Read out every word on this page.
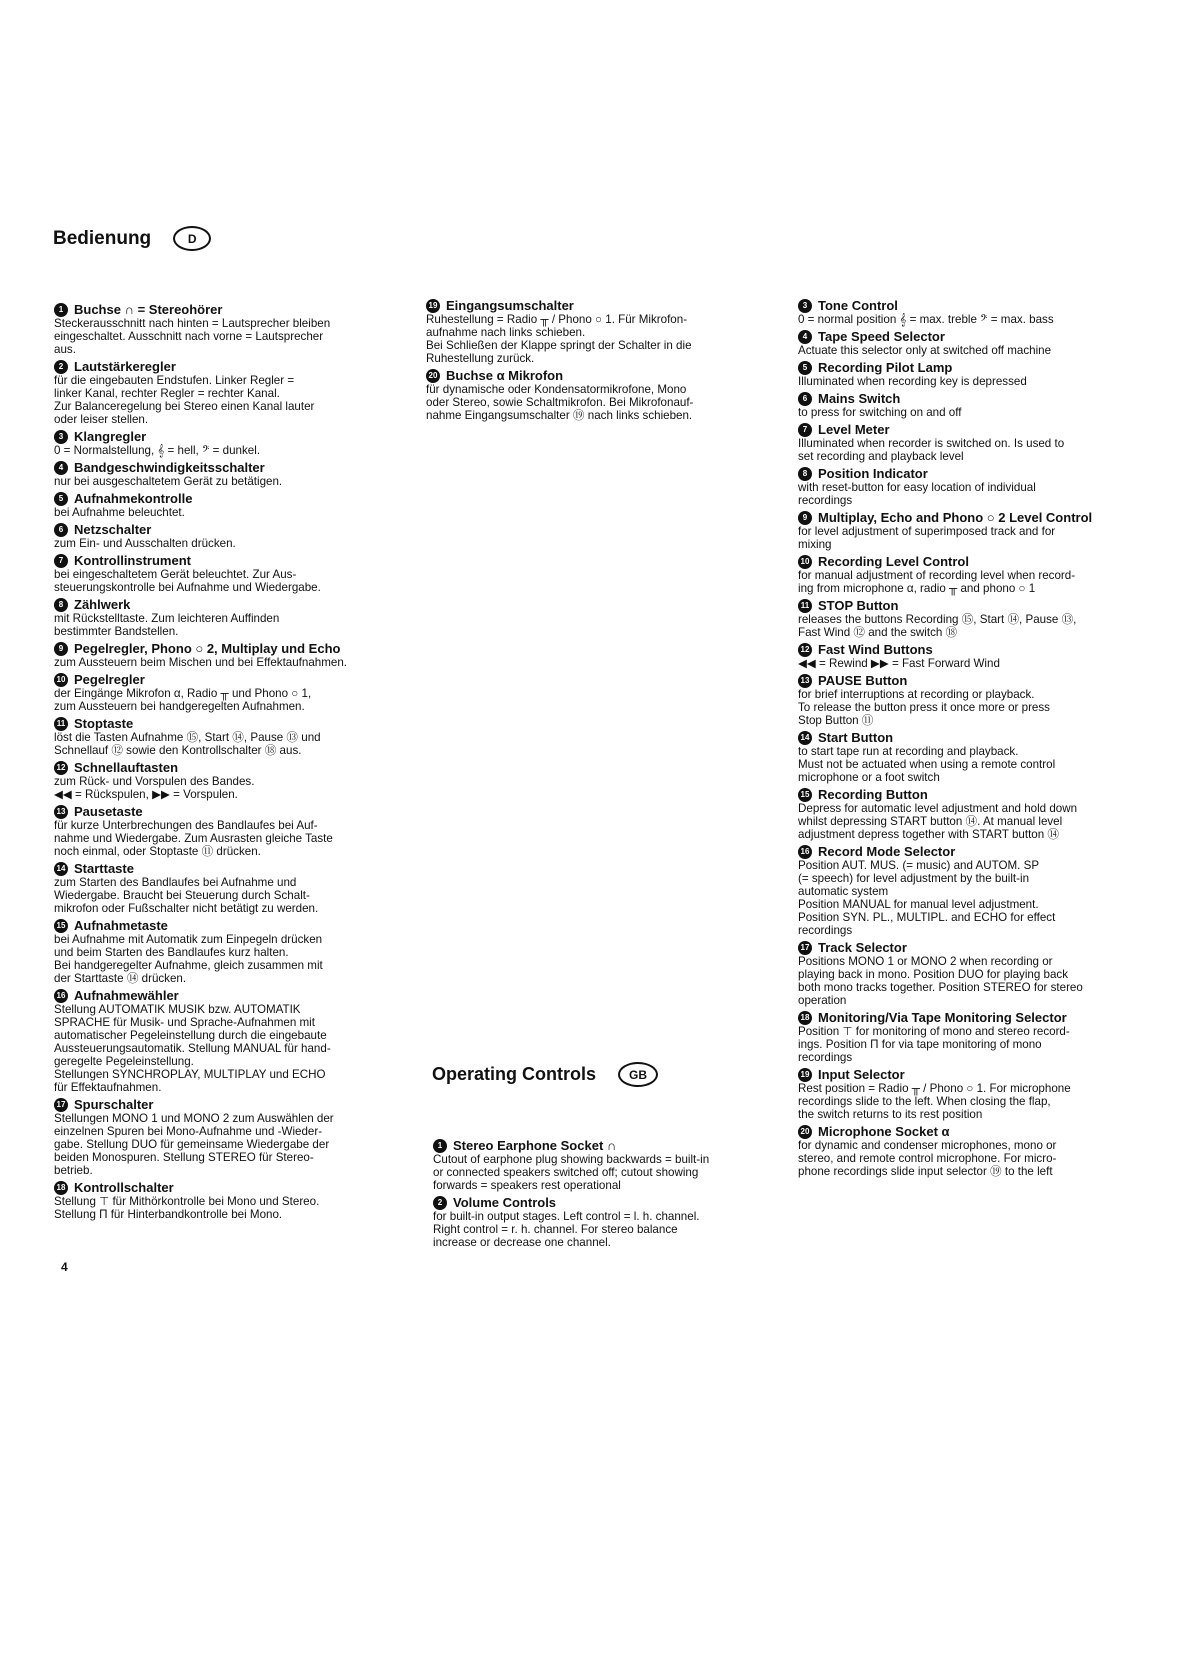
Bedienung	D
1 Buchse ∩ = Stereohörer
Steckerausschnitt nach hinten = Lautsprecher bleiben
eingeschaltet. Ausschnitt nach vorne = Lautsprecher
aus.
2 Lautstärkeregler
für die eingebauten Endstufen. Linker Regler =
linker Kanal, rechter Regler = rechter Kanal.
Zur Balanceregelung bei Stereo einen Kanal lauter
oder leiser stellen.
3 Klangregler
0 = Normalstellung, 𝄞 = hell, 𝄢 = dunkel.
4 Bandgeschwindigkeitsschalter
nur bei ausgeschaltetem Gerät zu betätigen.
5 Aufnahmekontrolle
bei Aufnahme beleuchtet.
6 Netzschalter
zum Ein- und Ausschalten drücken.
7 Kontrollinstrument
bei eingeschaltetem Gerät beleuchtet. Zur Aus-
steuerungskontrolle bei Aufnahme und Wiedergabe.
8 Zählwerk
mit Rückstelltaste. Zum leichteren Auffinden
bestimmter Bandstellen.
9 Pegelregler, Phono ○ 2, Multiplay und Echo
zum Aussteuern beim Mischen und bei Effektaufnahmen.
10 Pegelregler
der Eingänge Mikrofon α, Radio ╥ und Phono ○ 1,
zum Aussteuern bei handgeregelten Aufnahmen.
11 Stoptaste
löst die Tasten Aufnahme ⑮, Start ⑭, Pause ⑬ und
Schnellauf ⑫ sowie den Kontrollschalter ⑱ aus.
12 Schnellauftasten
zum Rück- und Vorspulen des Bandes.
◀◀ = Rückspulen, ▶▶ = Vorspulen.
13 Pausetaste
für kurze Unterbrechungen des Bandlaufes bei Auf-
nahme und Wiedergabe. Zum Ausrasten gleiche Taste
noch einmal, oder Stoptaste ⑪ drücken.
14 Starttaste
zum Starten des Bandlaufes bei Aufnahme und
Wiedergabe. Braucht bei Steuerung durch Schalt-
mikrofon oder Fußschalter nicht betätigt zu werden.
15 Aufnahmetaste
bei Aufnahme mit Automatik zum Einpegeln drücken
und beim Starten des Bandlaufes kurz halten.
Bei handgeregelter Aufnahme, gleich zusammen mit
der Starttaste ⑭ drücken.
16 Aufnahmewähler
Stellung AUTOMATIK MUSIK bzw. AUTOMATIK
SPRACHE für Musik- und Sprache-Aufnahmen mit
automatischer Pegeleinstellung durch die eingebaute
Aussteuerungsautomatik. Stellung MANUAL für hand-
geregelte Pegeleinstellung.
Stellungen SYNCHROPLAY, MULTIPLAY und ECHO
für Effektaufnahmen.
17 Spurschalter
Stellungen MONO 1 und MONO 2 zum Auswählen der
einzelnen Spuren bei Mono-Aufnahme und -Wieder-
gabe. Stellung DUO für gemeinsame Wiedergabe der
beiden Monospuren. Stellung STEREO für Stereo-
betrieb.
18 Kontrollschalter
Stellung ⊤ für Mithörkontrolle bei Mono und Stereo.
Stellung Π für Hinterbandkontrolle bei Mono.
19 Eingangsumschalter
Ruhestellung = Radio ╥ / Phono ○ 1. Für Mikrofon-
aufnahme nach links schieben.
Bei Schließen der Klappe springt der Schalter in die
Ruhestellung zurück.
20 Buchse α Mikrofon
für dynamische oder Kondensatormikrofone, Mono
oder Stereo, sowie Schaltmikrofon. Bei Mikrofonauf-
nahme Eingangsumschalter ⑲ nach links schieben.
Operating Controls	GB
1 Stereo Earphone Socket ∩
Cutout of earphone plug showing backwards = built-in
or connected speakers switched off; cutout showing
forwards = speakers rest operational
2 Volume Controls
for built-in output stages. Left control = l. h. channel.
Right control = r. h. channel. For stereo balance
increase or decrease one channel.
3 Tone Control
0 = normal position 𝄞 = max. treble 𝄢 = max. bass
4 Tape Speed Selector
Actuate this selector only at switched off machine
5 Recording Pilot Lamp
Illuminated when recording key is depressed
6 Mains Switch
to press for switching on and off
7 Level Meter
Illuminated when recorder is switched on. Is used to
set recording and playback level
8 Position Indicator
with reset-button for easy location of individual
recordings
9 Multiplay, Echo and Phono ○ 2 Level Control
for level adjustment of superimposed track and for
mixing
10 Recording Level Control
for manual adjustment of recording level when record-
ing from microphone α, radio ╥ and phono ○ 1
11 STOP Button
releases the buttons Recording ⑮, Start ⑭, Pause ⑬,
Fast Wind ⑫ and the switch ⑱
12 Fast Wind Buttons
◀◀ = Rewind ▶▶ = Fast Forward Wind
13 PAUSE Button
for brief interruptions at recording or playback.
To release the button press it once more or press
Stop Button ⑪
14 Start Button
to start tape run at recording and playback.
Must not be actuated when using a remote control
microphone or a foot switch
15 Recording Button
Depress for automatic level adjustment and hold down
whilst depressing START button ⑭. At manual level
adjustment depress together with START button ⑭
16 Record Mode Selector
Position AUT. MUS. (= music) and AUTOM. SP
(= speech) for level adjustment by the built-in
automatic system
Position MANUAL for manual level adjustment.
Position SYN. PL., MULTIPL. and ECHO for effect
recordings
17 Track Selector
Positions MONO 1 or MONO 2 when recording or
playing back in mono. Position DUO for playing back
both mono tracks together. Position STEREO for stereo
operation
18 Monitoring/Via Tape Monitoring Selector
Position ⊤ for monitoring of mono and stereo record-
ings. Position Π for via tape monitoring of mono
recordings
19 Input Selector
Rest position = Radio ╥ / Phono ○ 1. For microphone
recordings slide to the left. When closing the flap,
the switch returns to its rest position
20 Microphone Socket α
for dynamic and condenser microphones, mono or
stereo, and remote control microphone. For micro-
phone recordings slide input selector ⑲ to the left
4
